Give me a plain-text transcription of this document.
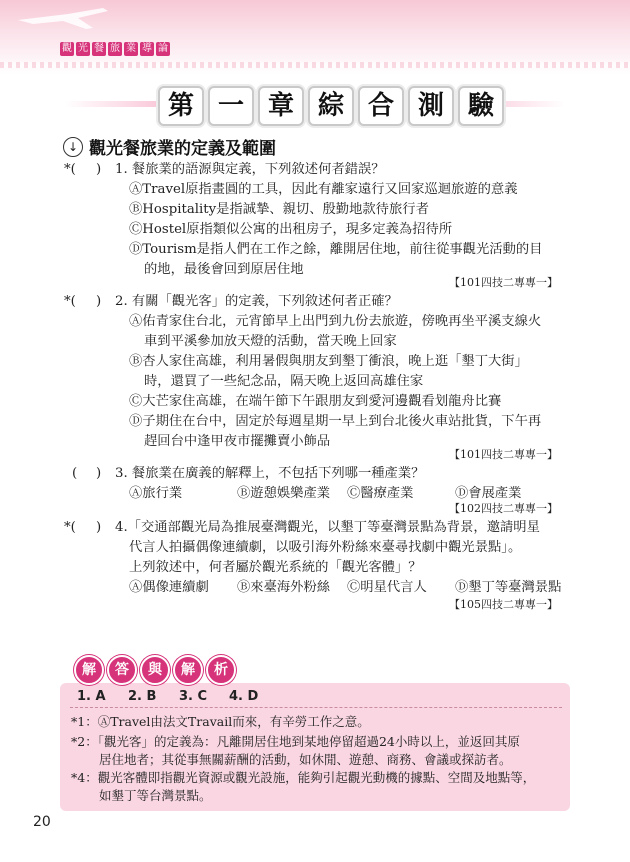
觀 光 餐 旅 業 導 論
第 一 章 綜 合 測 驗
↓ 觀光餐旅業的定義及範圍
*( ) 1. 餐旅業的語源與定義，下列敘述何者錯誤？
ⒶTravel原指畫圓的工具，因此有離家遠行又回家巡迴旅遊的意義
ⒷHospitality是指誠摯、親切、殷勤地款待旅行者
ⒸHostel原指類似公寓的出租房子，現多定義為招待所
ⒹTourism是指人們在工作之餘，離開居住地，前往從事觀光活動的目
的地，最後會回到原居住地
【101四技二專專一】
*( ) 2. 有關「觀光客」的定義，下列敘述何者正確？
Ⓐ佑青家住台北，元宵節早上出門到九份去旅遊，傍晚再坐平溪支線火
車到平溪參加放天燈的活動，當天晚上回家
Ⓑ杏人家住高雄，利用暑假與朋友到墾丁衝浪，晚上逛「墾丁大街」
時，還買了一些紀念品，隔天晚上返回高雄住家
Ⓒ大芒家住高雄，在端午節下午跟朋友到愛河邊觀看划龍舟比賽
Ⓓ子期住在台中，固定於每週星期一早上到台北後火車站批貨，下午再
趕回台中逢甲夜市擺攤賣小飾品
【101四技二專專一】
( ) 3. 餐旅業在廣義的解釋上，不包括下列哪一種產業？
Ⓐ旅行業	Ⓑ遊憩娛樂產業 Ⓒ醫療產業	Ⓓ會展產業
【102四技二專專一】
*( ) 4.「交通部觀光局為推展臺灣觀光，以墾丁等臺灣景點為背景，邀請明星
代言人拍攝偶像連續劇，以吸引海外粉絲來臺尋找劇中觀光景點」。
上列敘述中，何者屬於觀光系統的「觀光客體」？
Ⓐ偶像連續劇 Ⓑ來臺海外粉絲 Ⓒ明星代言人 Ⓓ墾丁等臺灣景點
【105四技二專專一】
解	答	與	解	析
1. A 2. B 3. C 4. D
*1：ⒶTravel由法文Travail而來，有辛勞工作之意。
*2：「觀光客」的定義為：凡離開居住地到某地停留超過24小時以上，並返回其原
居住地者；其從事無關薪酬的活動，如休閒、遊憩、商務、會議或探訪者。
*4：觀光客體即指觀光資源或觀光設施，能夠引起觀光動機的據點、空間及地點等，
如墾丁等台灣景點。
20
